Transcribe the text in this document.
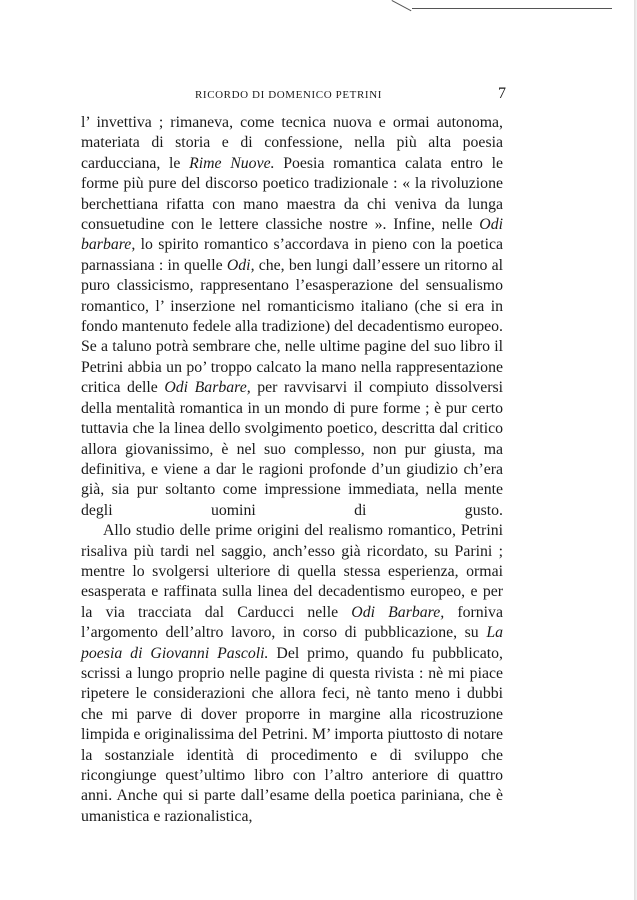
RICORDO DI DOMENICO PETRINI	7

l’ invettiva ; rimaneva, come tecnica nuova e ormai autonoma, materiata di storia e di confessione, nella più alta poesia carducciana, le Rime Nuove. Poesia romantica calata entro le forme più pure del discorso poetico tradizionale : « la rivoluzione berchettiana rifatta con mano maestra da chi veniva da lunga consuetudine con le lettere classiche nostre ». Infine, nelle Odi barbare, lo spirito romantico s’accordava in pieno con la poetica parnassiana : in quelle Odi, che, ben lungi dall’essere un ritorno al puro classicismo, rappresentano l’esasperazione del sensualismo romantico, l’ inserzione nel romanticismo italiano (che si era in fondo mantenuto fedele alla tradizione) del decadentismo europeo. Se a taluno potrà sembrare che, nelle ultime pagine del suo libro il Petrini abbia un po’ troppo calcato la mano nella rappresentazione critica delle Odi Barbare, per ravvisarvi il compiuto dissolversi della mentalità romantica in un mondo di pure forme ; è pur certo tuttavia che la linea dello svolgimento poetico, descritta dal critico allora giovanissimo, è nel suo complesso, non pur giusta, ma definitiva, e viene a dar le ragioni profonde d’un giudizio ch’era già, sia pur soltanto come impressione immediata, nella mente degli uomini di gusto.

Allo studio delle prime origini del realismo romantico, Petrini risaliva più tardi nel saggio, anch’esso già ricordato, su Parini ; mentre lo svolgersi ulteriore di quella stessa esperienza, ormai esasperata e raffinata sulla linea del decadentismo europeo, e per la via tracciata dal Carducci nelle Odi Barbare, forniva l’argomento dell’altro lavoro, in corso di pubblicazione, su La poesia di Giovanni Pascoli. Del primo, quando fu pubblicato, scrissi a lungo proprio nelle pagine di questa rivista : nè mi piace ripetere le considerazioni che allora feci, nè tanto meno i dubbi che mi parve di dover proporre in margine alla ricostruzione limpida e originalissima del Petrini. M’ importa piuttosto di notare la sostanziale identità di procedimento e di sviluppo che ricongiunge quest’ultimo libro con l’altro anteriore di quattro anni. Anche qui si parte dall’esame della poetica pariniana, che è umanistica e razionalistica,
